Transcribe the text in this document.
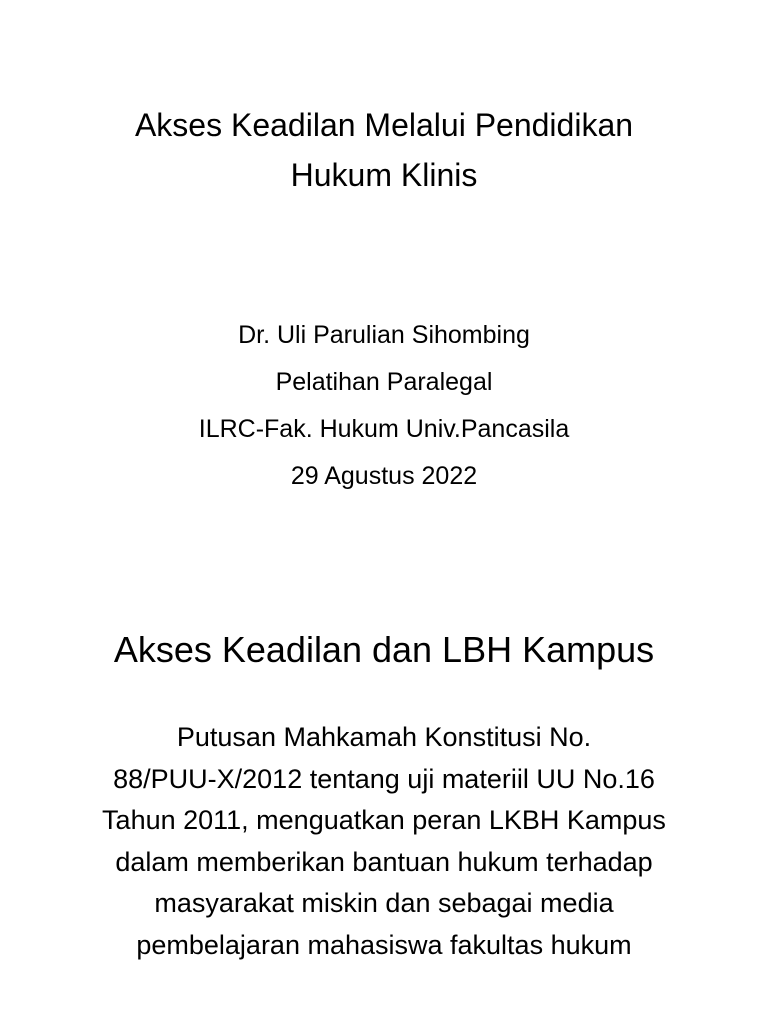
Akses Keadilan Melalui Pendidikan
Hukum Klinis
Dr. Uli Parulian Sihombing
Pelatihan Paralegal
ILRC-Fak. Hukum Univ.Pancasila
29 Agustus 2022
Akses Keadilan dan LBH Kampus
Putusan Mahkamah Konstitusi No.
88/PUU-X/2012 tentang uji materiil UU No.16
Tahun 2011, menguatkan peran LKBH Kampus
dalam memberikan bantuan hukum terhadap
masyarakat miskin dan sebagai media
pembelajaran mahasiswa fakultas hukum
